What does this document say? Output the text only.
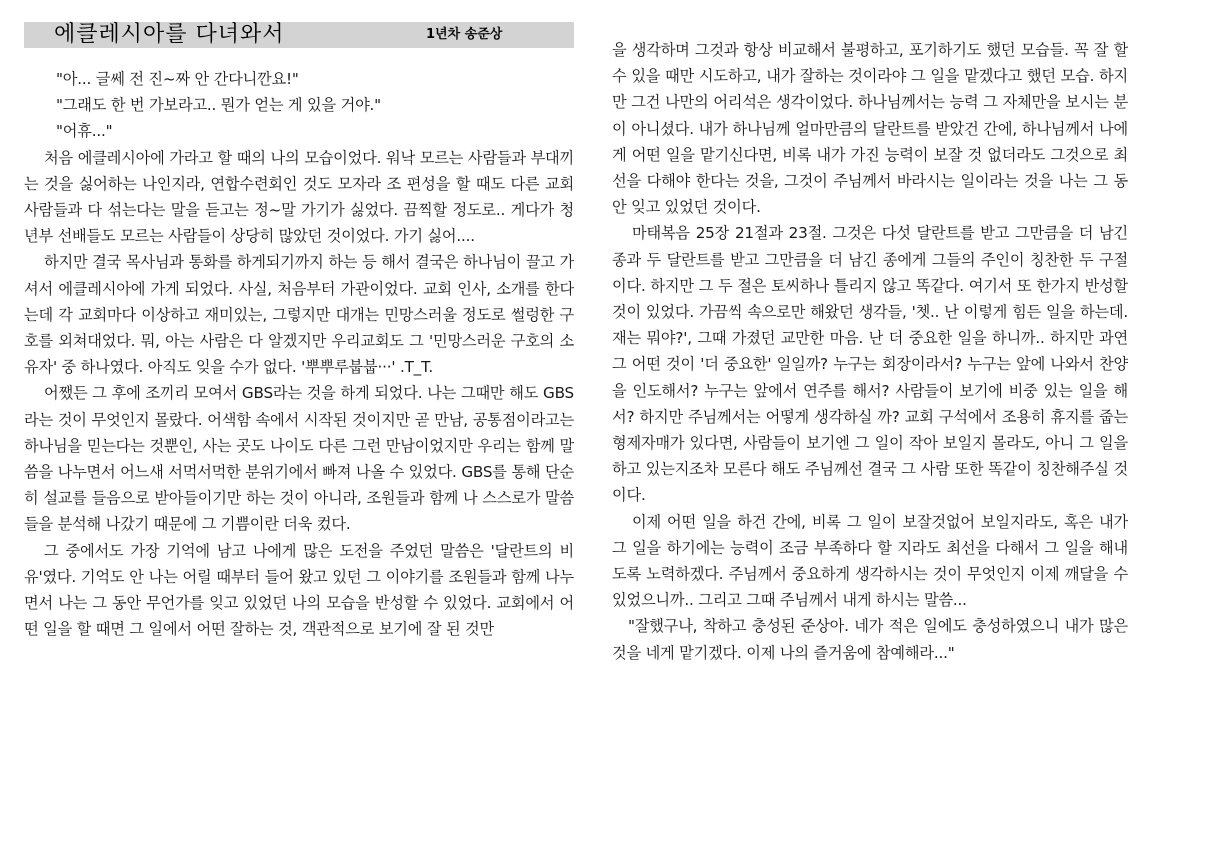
에클레시아를 다녀와서	1년차 송준상

"아... 글쎄 전 진~짜 안 간다니깐요!"

"그래도 한 번 가보라고.. 뭔가 얻는 게 있을 거야."

"어휴..."

처음 에클레시아에 가라고 할 때의 나의 모습이었다. 워낙 모르는 사람들과 부대끼는 것을 싫어하는 나인지라, 연합수련회인 것도 모자라 조 편성을 할 때도 다른 교회 사람들과 다 섞는다는 말을 듣고는 정~말 가기가 싫었다. 끔찍할 정도로.. 게다가 청년부 선배들도 모르는 사람들이 상당히 많았던 것이었다. 가기 싫어....

하지만 결국 목사님과 통화를 하게되기까지 하는 등 해서 결국은 하나님이 끌고 가셔서 에클레시아에 가게 되었다. 사실, 처음부터 가관이었다. 교회 인사, 소개를 한다는데 각 교회마다 이상하고 재미있는, 그렇지만 대개는 민망스러울 정도로 썰렁한 구호를 외쳐대었다. 뭐, 아는 사람은 다 알겠지만 우리교회도 그 '민망스러운 구호의 소유자' 중 하나였다. 아직도 잊을 수가 없다. '뿌뿌루붑붑···' .T_T.

어쨌든 그 후에 조끼리 모여서 GBS라는 것을 하게 되었다. 나는 그때만 해도 GBS라는 것이 무엇인지 몰랐다. 어색함 속에서 시작된 것이지만 곧 만남, 공통점이라고는 하나님을 믿는다는 것뿐인, 사는 곳도 나이도 다른 그런 만남이었지만 우리는 함께 말씀을 나누면서 어느새 서먹서먹한 분위기에서 빠져 나올 수 있었다. GBS를 통해 단순히 설교를 들음으로 받아들이기만 하는 것이 아니라, 조원들과 함께 나 스스로가 말씀들을 분석해 나갔기 때문에 그 기쁨이란 더욱 컸다.

그 중에서도 가장 기억에 남고 나에게 많은 도전을 주었던 말씀은 '달란트의 비유'였다. 기억도 안 나는 어릴 때부터 들어 왔고 있던 그 이야기를 조원들과 함께 나누면서 나는 그 동안 무언가를 잊고 있었던 나의 모습을 반성할 수 있었다. 교회에서 어떤 일을 할 때면 그 일에서 어떤 잘하는 것, 객관적으로 보기에 잘 된 것만

을 생각하며 그것과 항상 비교해서 불평하고, 포기하기도 했던 모습들. 꼭 잘 할 수 있을 때만 시도하고, 내가 잘하는 것이라야 그 일을 맡겠다고 했던 모습. 하지만 그건 나만의 어리석은 생각이었다. 하나님께서는 능력 그 자체만을 보시는 분이 아니셨다. 내가 하나님께 얼마만큼의 달란트를 받았건 간에, 하나님께서 나에게 어떤 일을 맡기신다면, 비록 내가 가진 능력이 보잘 것 없더라도 그것으로 최선을 다해야 한다는 것을, 그것이 주님께서 바라시는 일이라는 것을 나는 그 동안 잊고 있었던 것이다.

마태복음 25장 21절과 23절. 그것은 다섯 달란트를 받고 그만큼을 더 남긴 종과 두 달란트를 받고 그만큼을 더 남긴 종에게 그들의 주인이 칭찬한 두 구절이다. 하지만 그 두 절은 토씨하나 틀리지 않고 똑같다. 여기서 또 한가지 반성할 것이 있었다. 가끔씩 속으로만 해왔던 생각들, '쳇.. 난 이렇게 힘든 일을 하는데. 재는 뭐야?', 그때 가졌던 교만한 마음. 난 더 중요한 일을 하니까.. 하지만 과연 그 어떤 것이 '더 중요한' 일일까? 누구는 회장이라서? 누구는 앞에 나와서 찬양을 인도해서? 누구는 앞에서 연주를 해서? 사람들이 보기에 비중 있는 일을 해서? 하지만 주님께서는 어떻게 생각하실 까? 교회 구석에서 조용히 휴지를 줍는 형제자매가 있다면, 사람들이 보기엔 그 일이 작아 보일지 몰라도, 아니 그 일을 하고 있는지조차 모른다 해도 주님께선 결국 그 사람 또한 똑같이 칭찬해주실 것이다.

이제 어떤 일을 하건 간에, 비록 그 일이 보잘것없어 보일지라도, 혹은 내가 그 일을 하기에는 능력이 조금 부족하다 할 지라도 최선을 다해서 그 일을 해내도록 노력하겠다. 주님께서 중요하게 생각하시는 것이 무엇인지 이제 깨달을 수 있었으니까.. 그리고 그때 주님께서 내게 하시는 말씀...

"잘했구나, 착하고 충성된 준상아. 네가 적은 일에도 충성하였으니 내가 많은 것을 네게 맡기겠다. 이제 나의 즐거움에 참예해라..."
